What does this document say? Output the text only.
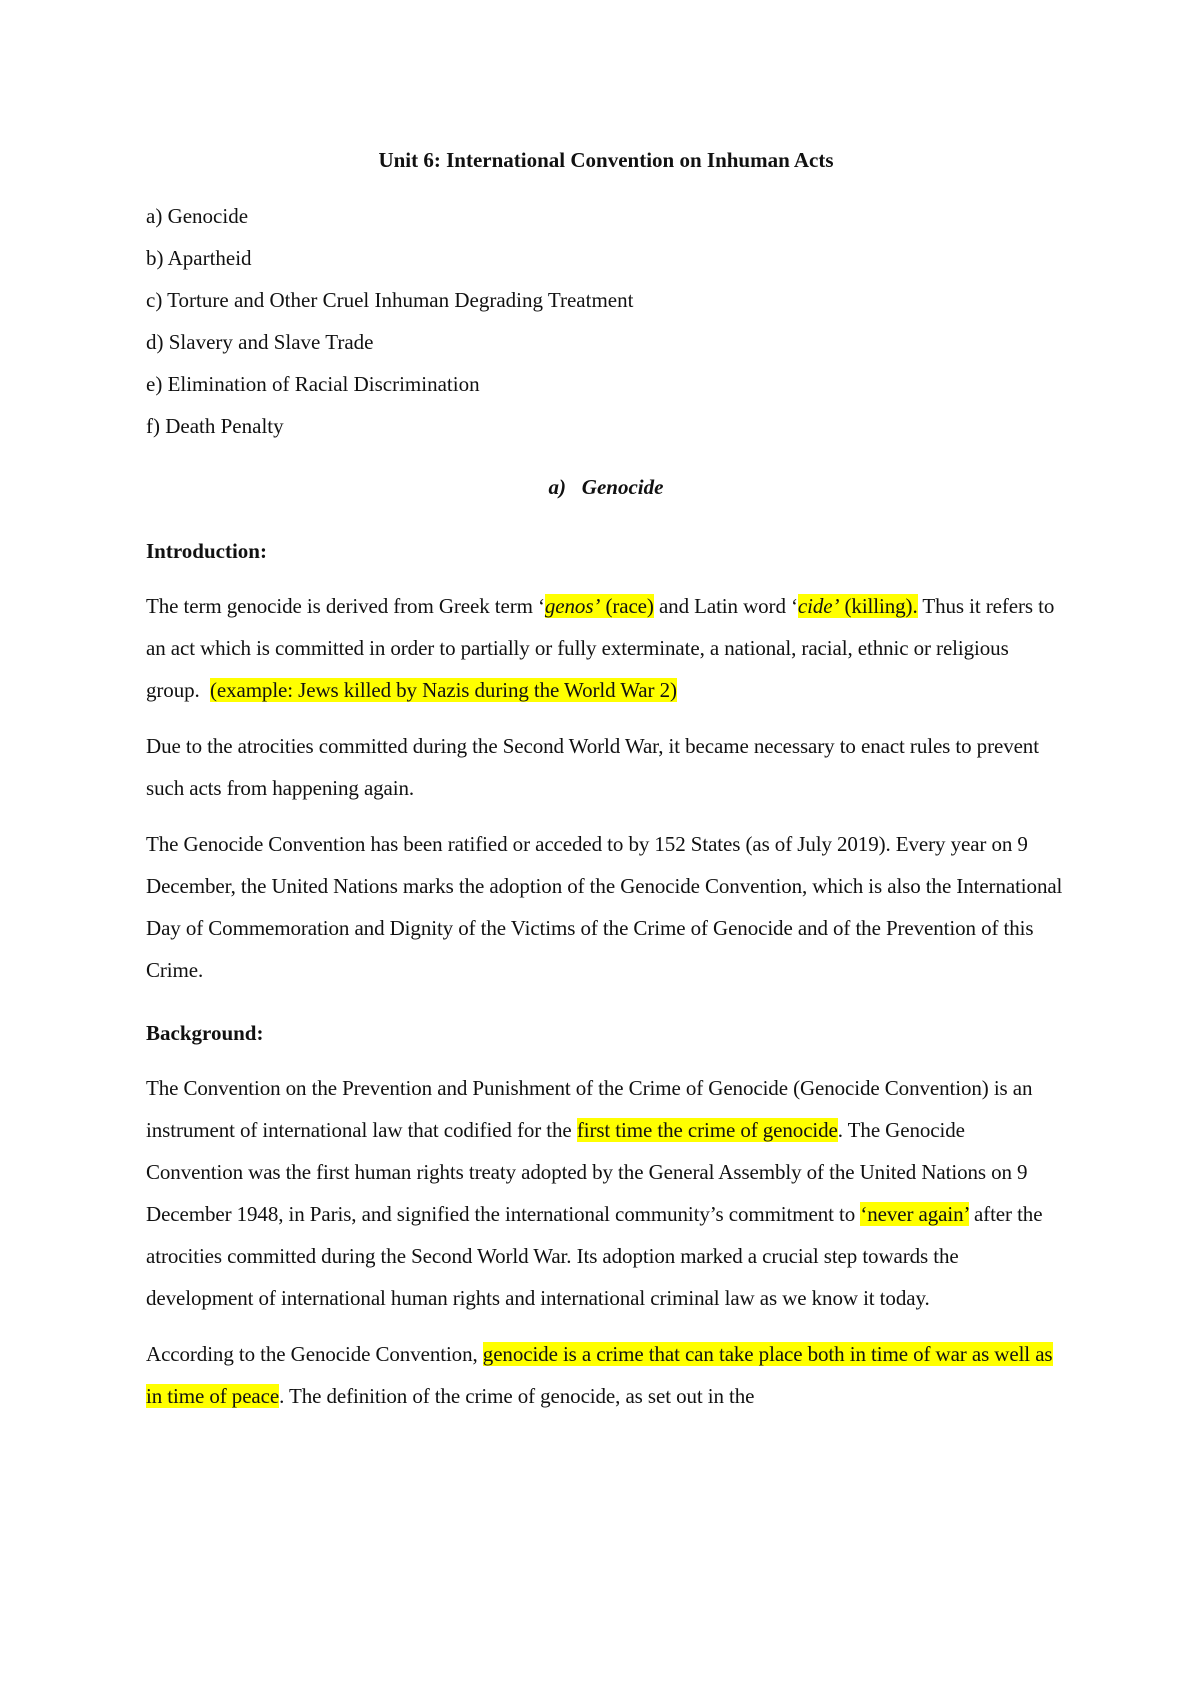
Unit 6: International Convention on Inhuman Acts
a) Genocide
b) Apartheid
c) Torture and Other Cruel Inhuman Degrading Treatment
d) Slavery and Slave Trade
e) Elimination of Racial Discrimination
f) Death Penalty
a)   Genocide
Introduction:

The term genocide is derived from Greek term ‘genos’ (race) and Latin word ‘cide’ (killing). Thus it refers to an act which is committed in order to partially or fully exterminate, a national, racial, ethnic or religious group.  (example: Jews killed by Nazis during the World War 2)

Due to the atrocities committed during the Second World War, it became necessary to enact rules to prevent such acts from happening again.

The Genocide Convention has been ratified or acceded to by 152 States (as of July 2019). Every year on 9 December, the United Nations marks the adoption of the Genocide Convention, which is also the International Day of Commemoration and Dignity of the Victims of the Crime of Genocide and of the Prevention of this Crime.

Background:

The Convention on the Prevention and Punishment of the Crime of Genocide (Genocide Convention) is an instrument of international law that codified for the first time the crime of genocide. The Genocide Convention was the first human rights treaty adopted by the General Assembly of the United Nations on 9 December 1948, in Paris, and signified the international community’s commitment to ‘never again’ after the atrocities committed during the Second World War. Its adoption marked a crucial step towards the development of international human rights and international criminal law as we know it today.

According to the Genocide Convention, genocide is a crime that can take place both in time of war as well as in time of peace. The definition of the crime of genocide, as set out in the
